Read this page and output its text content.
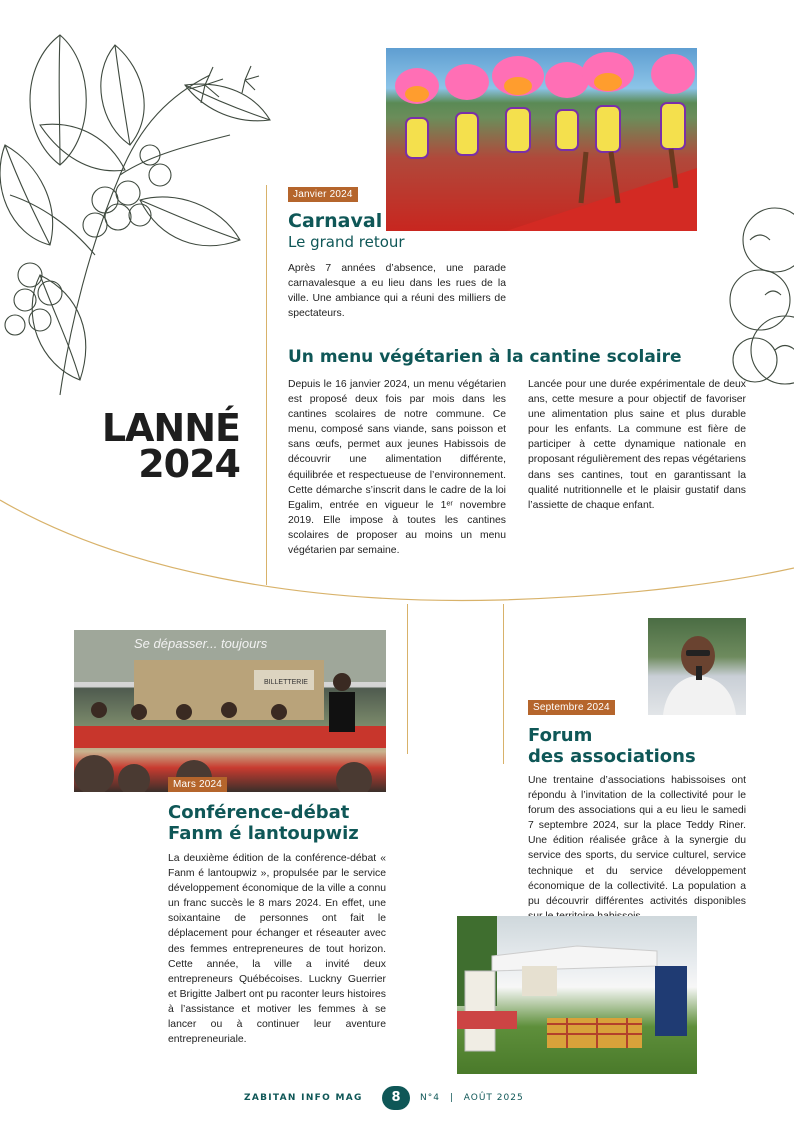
LANNÉ
2024
Janvier 2024
Carnaval
Le grand retour
Après 7 années d’absence, une parade carnavalesque a eu lieu dans les rues de la ville. Une ambiance qui a réuni des milliers de spectateurs.
Un menu végétarien à la cantine scolaire
Depuis le 16 janvier 2024, un menu végétarien est proposé deux fois par mois dans les cantines scolaires de notre commune. Ce menu, composé sans viande, sans poisson et sans œufs, permet aux jeunes Habissois de découvrir une alimentation différente, équilibrée et respectueuse de l’environnement. Cette démarche s’inscrit dans le cadre de la loi Egalim, entrée en vigueur le 1ᵉʳ novembre 2019. Elle impose à toutes les cantines scolaires de proposer au moins un menu végétarien par semaine.
Lancée pour une durée expérimentale de deux ans, cette mesure a pour objectif de favoriser une alimentation plus saine et plus durable pour les enfants. La commune est fière de participer à cette dynamique nationale en proposant régulièrement des repas végétariens dans ses cantines, tout en garantissant la qualité nutritionnelle et le plaisir gustatif dans l’assiette de chaque enfant.
Se dépasser... toujours
BILLETTERIE
Mars 2024
Conférence-débat
Fanm é lantoupwiz
La deuxième édition de la conférence-débat « Fanm é lantoupwiz », propulsée par le service développement économique de la ville a connu un franc succès le 8 mars 2024. En effet, une soixantaine de personnes ont fait le déplacement pour échanger et réseauter avec des femmes entrepreneures de tout horizon. Cette année, la ville a invité deux entrepreneurs Québécoises. Luckny Guerrier et Brigitte Jalbert ont pu raconter leurs histoires à l’assistance et motiver les femmes à se lancer ou à continuer leur aventure entrepreneuriale.
Septembre 2024
Forum
des associations
Une trentaine d’associations habissoises ont répondu à l’invitation de la collectivité pour le forum des associations qui a eu lieu le samedi 7 septembre 2024, sur la place Teddy Riner. Une édition réalisée grâce à la synergie du service des sports, du service culturel, service technique et du service développement économique de la collectivité. La population a pu découvrir différentes activités disponibles
ZABITAN INFO MAG	8	N°4 | AOÛT 2025
